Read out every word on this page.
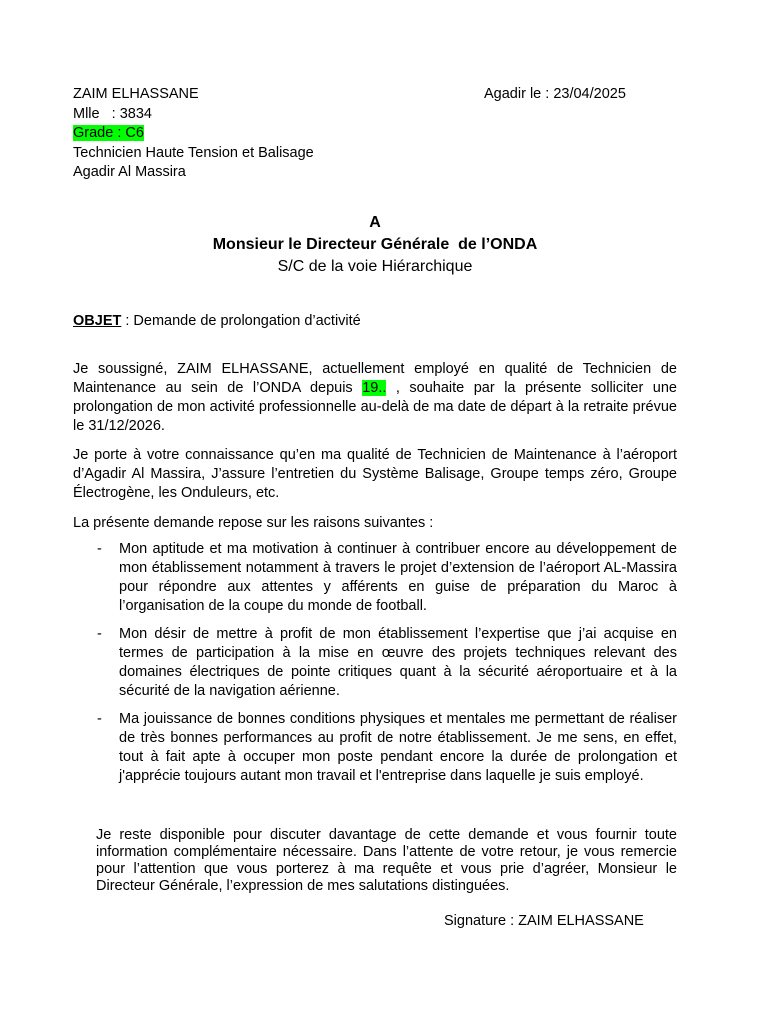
ZAIM ELHASSANE
Mlle   : 3834
Grade : C6
Technicien Haute Tension et Balisage
Agadir Al Massira
Agadir le : 23/04/2025
A
Monsieur le Directeur Générale  de l’ONDA
S/C de la voie Hiérarchique
OBJET : Demande de prolongation d’activité
Je soussigné, ZAIM ELHASSANE, actuellement employé en qualité de Technicien de Maintenance au sein de l’ONDA depuis 19.. , souhaite par la présente solliciter une prolongation de mon activité professionnelle au-delà de ma date de départ à la retraite prévue le 31/12/2026.
Je porte à votre connaissance qu’en ma qualité de Technicien de Maintenance à l’aéroport d’Agadir Al Massira, J’assure l’entretien du Système Balisage, Groupe temps zéro, Groupe Électrogène, les Onduleurs, etc.
La présente demande repose sur les raisons suivantes :
- Mon aptitude et ma motivation à continuer à contribuer encore au développement de mon établissement notamment à travers le projet d’extension de l’aéroport AL-Massira pour répondre aux attentes y afférents en guise de préparation du Maroc à l’organisation de la coupe du monde de football.
- Mon désir de mettre à profit de mon établissement l’expertise que j’ai acquise en termes de participation à la mise en œuvre des projets techniques relevant des domaines électriques de pointe critiques quant à la sécurité aéroportuaire et à la sécurité de la navigation aérienne.
- Ma jouissance de bonnes conditions physiques et mentales me permettant de réaliser de très bonnes performances au profit de notre établissement. Je me sens, en effet, tout à fait apte à occuper mon poste pendant encore la durée de prolongation et j'apprécie toujours autant mon travail et l'entreprise dans laquelle je suis employé.
Je reste disponible pour discuter davantage de cette demande et vous fournir toute information complémentaire nécessaire. Dans l’attente de votre retour, je vous remercie pour l’attention que vous porterez à ma requête et vous prie d’agréer, Monsieur le Directeur Générale, l’expression de mes salutations distinguées.
Signature : ZAIM ELHASSANE
